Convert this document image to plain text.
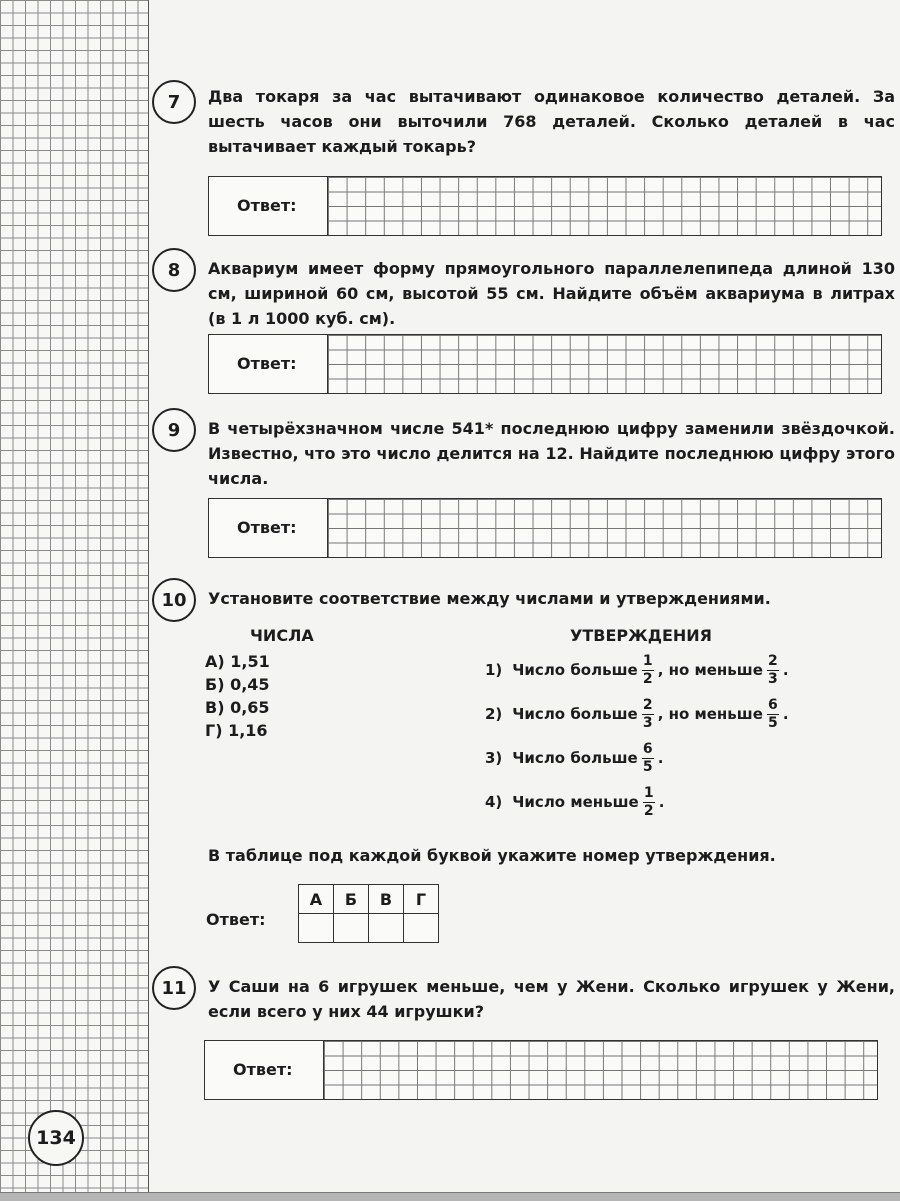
7	Два токаря за час вытачивают одинаковое количество деталей. За шесть часов они выточили 768 деталей. Сколько деталей в час вытачивает каждый токарь?
Ответ:
8	Аквариум имеет форму прямоугольного параллелепипеда длиной 130 см, шириной 60 см, высотой 55 см. Найдите объём аквариума в литрах (в 1 л 1000 куб. см).
Ответ:
9	В четырёхзначном числе 541* последнюю цифру заменили звёздочкой. Известно, что это число делится на 12. Найдите последнюю цифру этого числа.
Ответ:
10	Установите соответствие между числами и утверждениями.
ЧИСЛА	УТВЕРЖДЕНИЯ
А) 1,51
Б) 0,45
В) 0,65
Г) 1,16
1) Число больше $\frac{1}{2}$ , но меньше $\frac{2}{3}$ .
2) Число больше $\frac{2}{3}$ , но меньше $\frac{6}{5}$ .
3) Число больше $\frac{6}{5}$ .
4) Число меньше $\frac{1}{2}$ .
В таблице под каждой буквой укажите номер утверждения.
Ответ:
А	Б	В	Г

11	У Саши на 6 игрушек меньше, чем у Жени. Сколько игрушек у Жени, если всего у них 44 игрушки?
Ответ:
134
